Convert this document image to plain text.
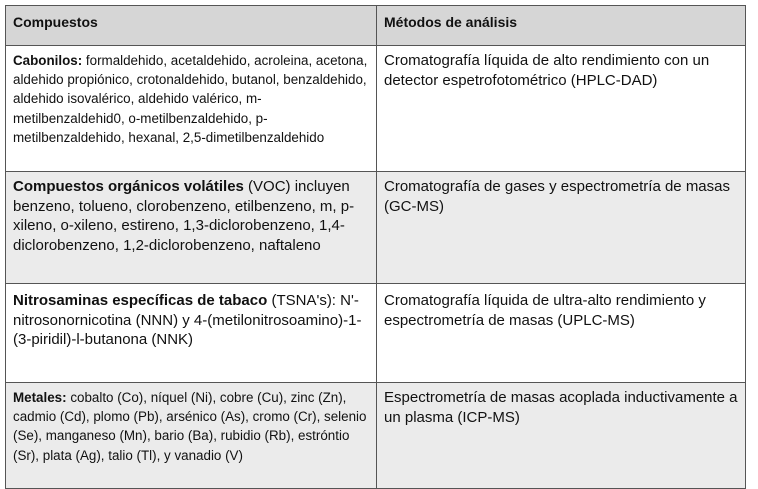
Compuestos	Métodos de análisis
Cabonilos: formaldehido, acetaldehido, acroleina, acetona, aldehido propiónico, crotonaldehido, butanol, benzaldehido, aldehido isovalérico, aldehido valérico, m-metilbenzaldehid0, o-metilbenzaldehido, p-metilbenzaldehido, hexanal, 2,5-dimetilbenzaldehido	Cromatografía líquida de alto rendimiento con un detector espetrofotométrico (HPLC-DAD)
Compuestos orgánicos volátiles (VOC) incluyen benzeno, tolueno, clorobenzeno, etilbenzeno, m, p-xileno, o-xileno, estireno, 1,3-diclorobenzeno, 1,4-diclorobenzeno, 1,2-diclorobenzeno, naftaleno	Cromatografía de gases y espectrometría de masas (GC-MS)
Nitrosaminas específicas de tabaco (TSNA's): N'-nitrosonornicotina (NNN) y 4-(metilonitrosoamino)-1-(3-piridil)-l-butanona (NNK)	Cromatografía líquida de ultra-alto rendimiento y espectrometría de masas (UPLC-MS)
Metales: cobalto (Co), níquel (Ni), cobre (Cu), zinc (Zn), cadmio (Cd), plomo (Pb), arsénico (As), cromo (Cr), selenio (Se), manganeso (Mn), bario (Ba), rubidio (Rb), estróntio (Sr), plata (Ag), talio (Tl), y vanadio (V)	Espectrometría de masas acoplada inductivamente a un plasma (ICP-MS)
